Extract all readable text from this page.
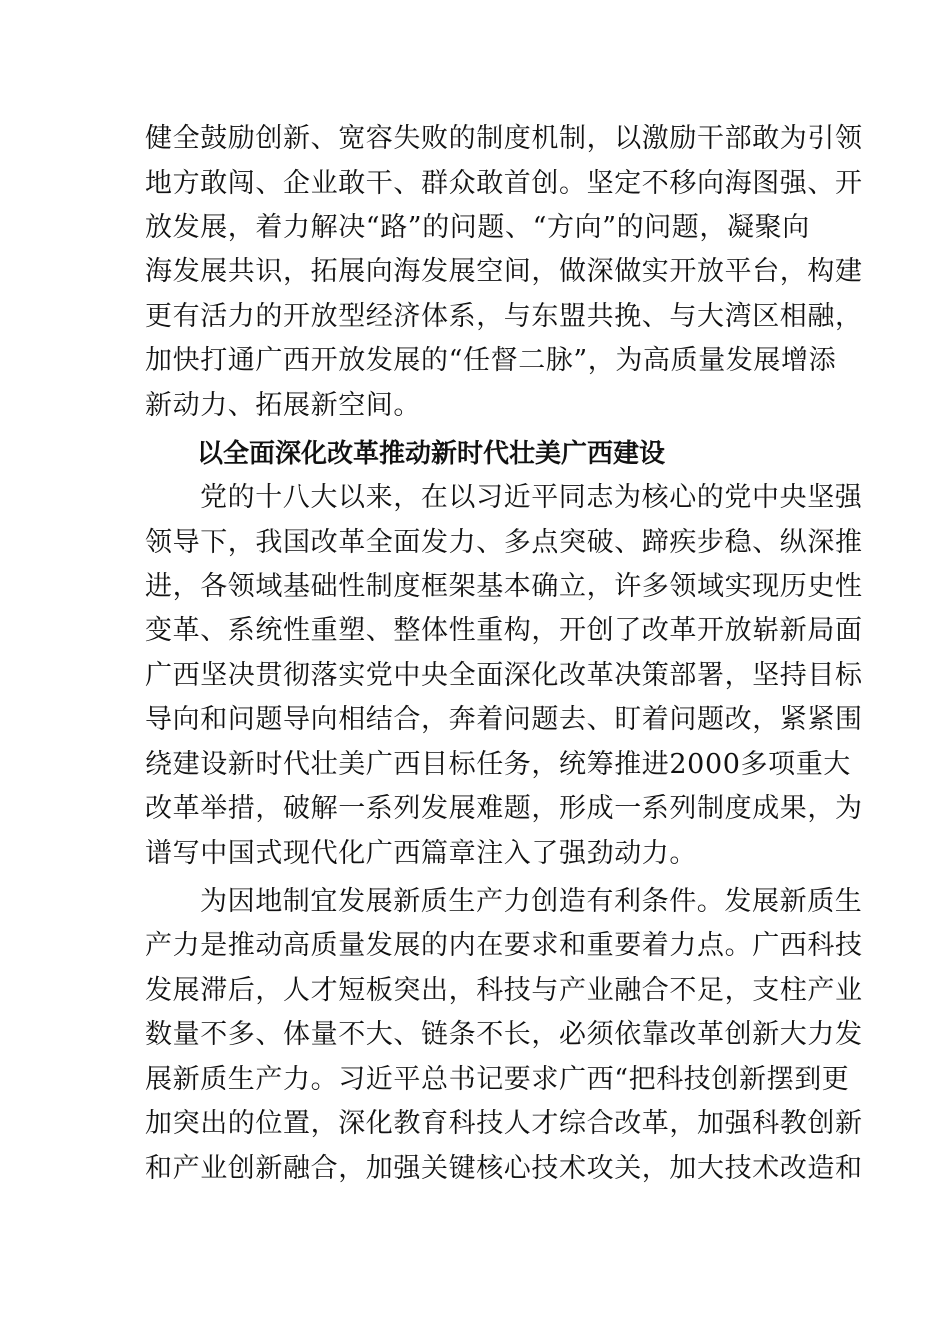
健全鼓励创新、宽容失败的制度机制，以激励干部敢为引领
地方敢闯、企业敢干、群众敢首创。坚定不移向海图强、开
放发展，着力解决“路”的问题、“方向”的问题，凝聚向
海发展共识，拓展向海发展空间，做深做实开放平台，构建
更有活力的开放型经济体系，与东盟共挽、与大湾区相融，
加快打通广西开放发展的“任督二脉”，为高质量发展增添
新动力、拓展新空间。
以全面深化改革推动新时代壮美广西建设
党的十八大以来，在以习近平同志为核心的党中央坚强
领导下，我国改革全面发力、多点突破、蹄疾步稳、纵深推
进，各领域基础性制度框架基本确立，许多领域实现历史性
变革、系统性重塑、整体性重构，开创了改革开放崭新局面
广西坚决贯彻落实党中央全面深化改革决策部署，坚持目标
导向和问题导向相结合，奔着问题去、盯着问题改，紧紧围
绕建设新时代壮美广西目标任务，统筹推进2000多项重大
改革举措，破解一系列发展难题，形成一系列制度成果，为
谱写中国式现代化广西篇章注入了强劲动力。
为因地制宜发展新质生产力创造有利条件。发展新质生
产力是推动高质量发展的内在要求和重要着力点。广西科技
发展滞后，人才短板突出，科技与产业融合不足，支柱产业
数量不多、体量不大、链条不长，必须依靠改革创新大力发
展新质生产力。习近平总书记要求广西“把科技创新摆到更
加突出的位置，深化教育科技人才综合改革，加强科教创新
和产业创新融合，加强关键核心技术攻关，加大技术改造和
